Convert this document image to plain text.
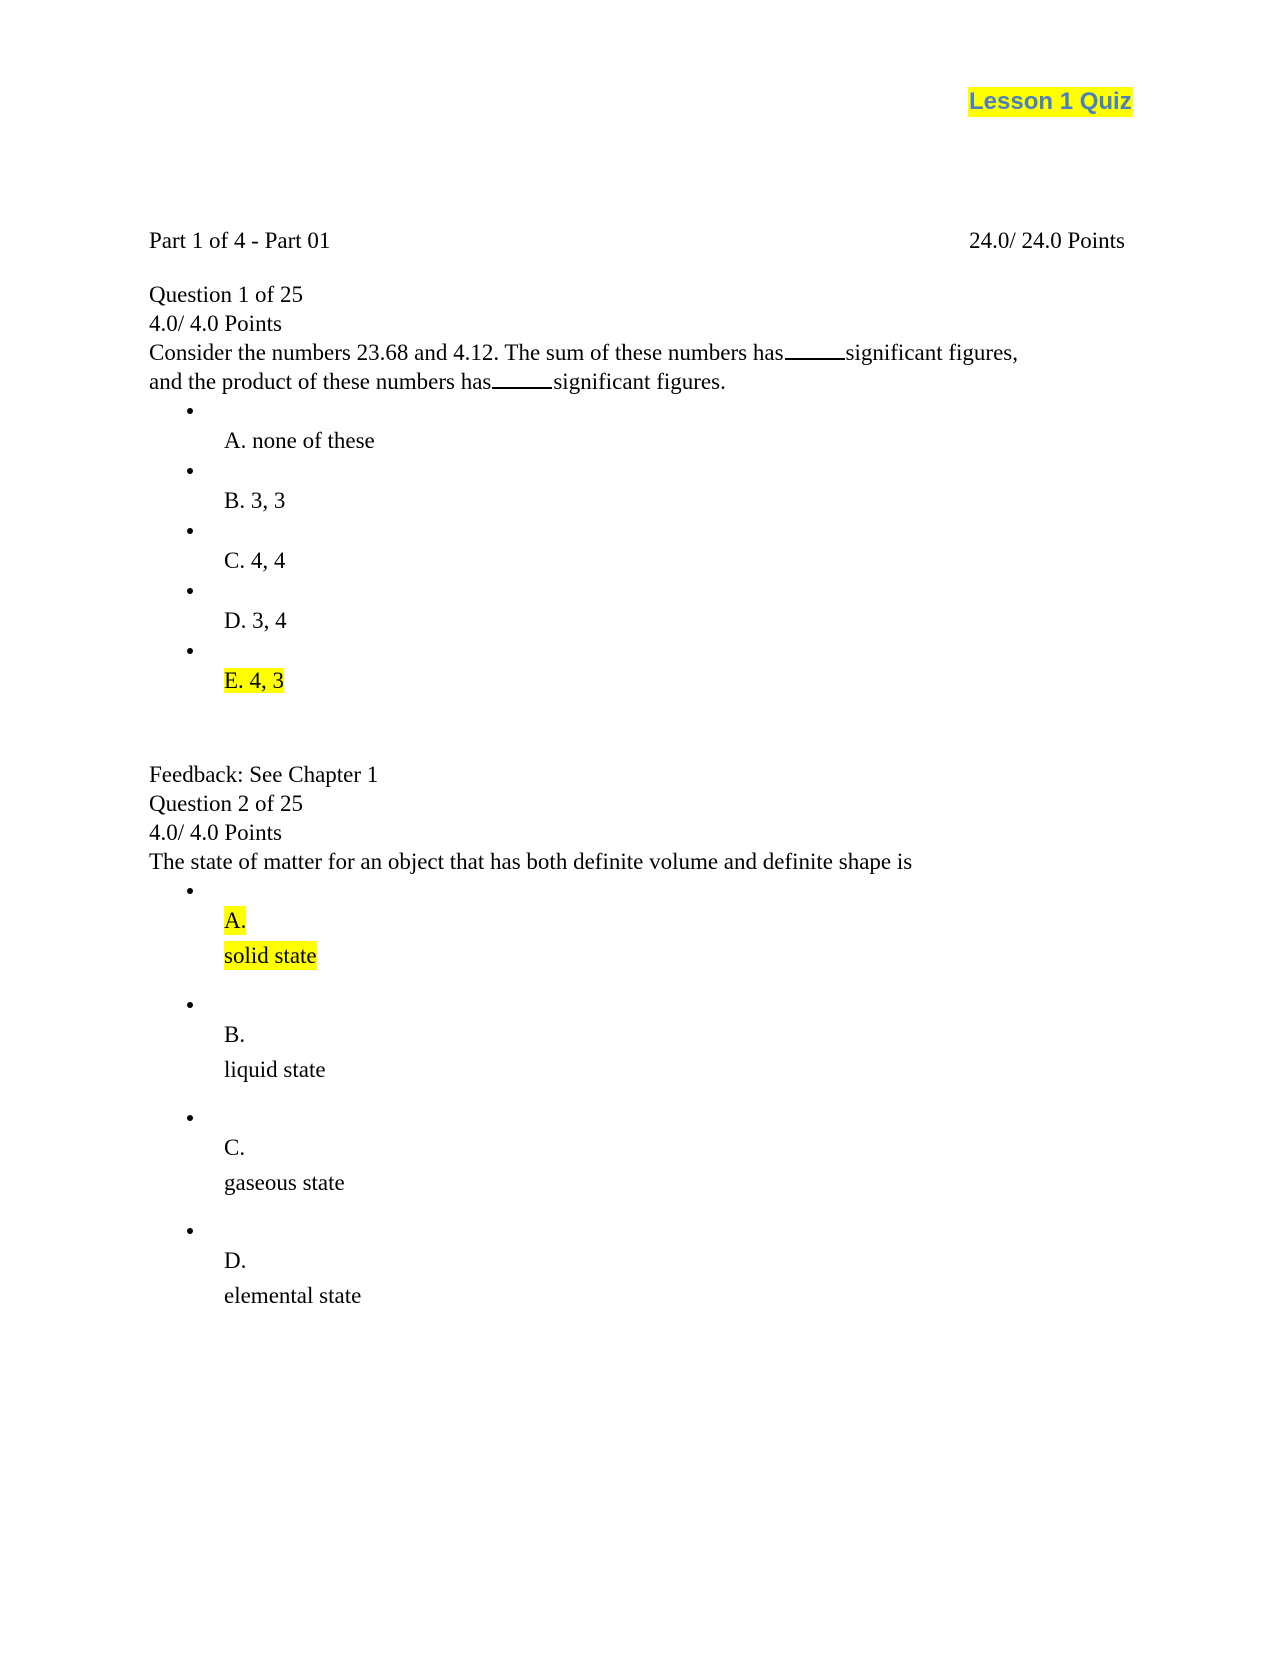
Lesson 1 Quiz
Part 1 of 4 - Part 01	24.0/ 24.0 Points
Question 1 of 25
4.0/ 4.0 Points
Consider the numbers 23.68 and 4.12. The sum of these numbers has	significant figures,
and the product of these numbers has	significant figures.
A. none of these
B. 3, 3
C. 4, 4
D. 3, 4
E. 4, 3
Feedback: See Chapter 1
Question 2 of 25
4.0/ 4.0 Points
The state of matter for an object that has both definite volume and definite shape is
A.
solid state
B.
liquid state
C.
gaseous state
D.
elemental state
